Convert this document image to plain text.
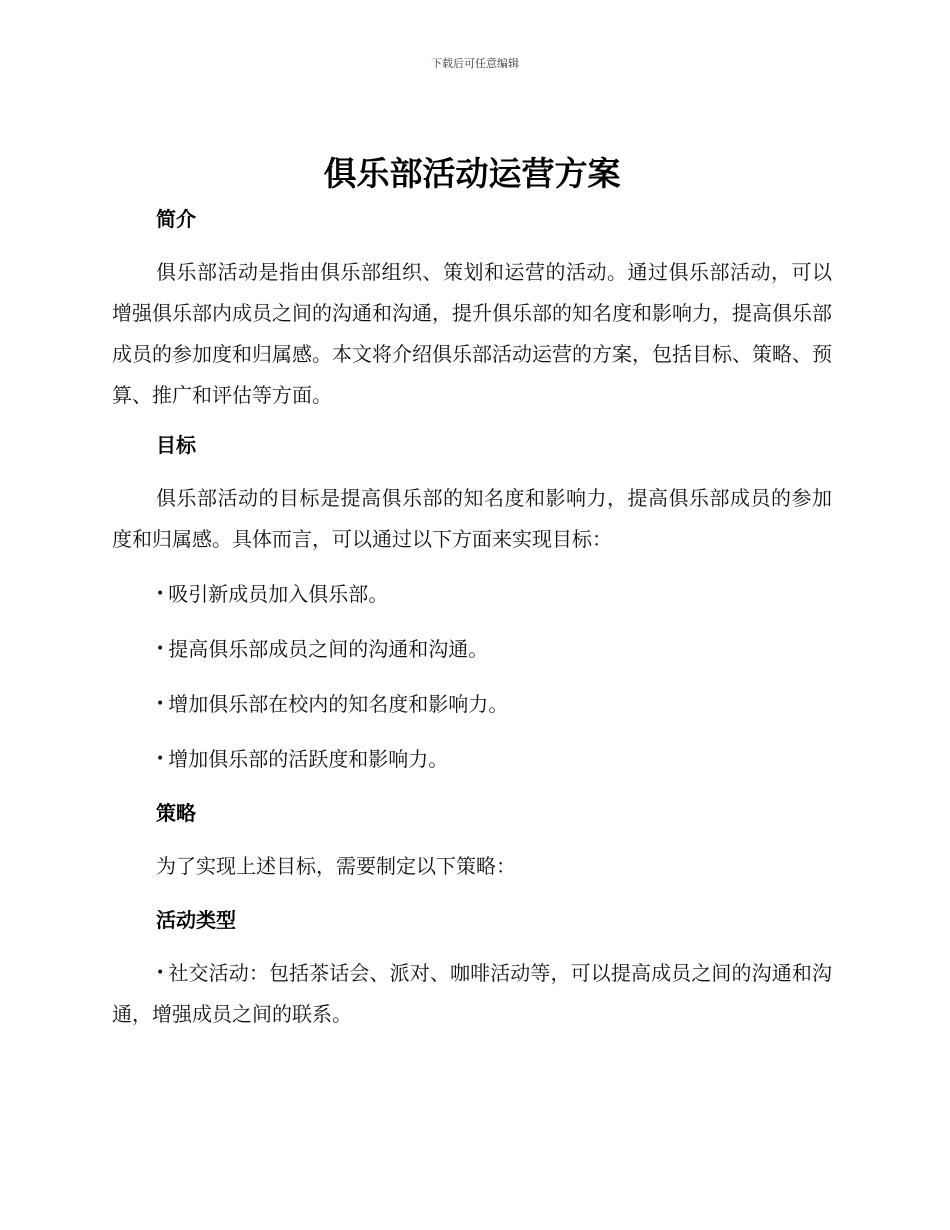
下载后可任意编辑
俱乐部活动运营方案
简介

俱乐部活动是指由俱乐部组织、策划和运营的活动。通过俱乐部活动，可以增强俱乐部内成员之间的沟通和沟通，提升俱乐部的知名度和影响力，提高俱乐部成员的参加度和归属感。本文将介绍俱乐部活动运营的方案，包括目标、策略、预算、推广和评估等方面。

目标

俱乐部活动的目标是提高俱乐部的知名度和影响力，提高俱乐部成员的参加度和归属感。具体而言，可以通过以下方面来实现目标：

• 吸引新成员加入俱乐部。

• 提高俱乐部成员之间的沟通和沟通。

• 增加俱乐部在校内的知名度和影响力。

• 增加俱乐部的活跃度和影响力。

策略

为了实现上述目标，需要制定以下策略：

活动类型

• 社交活动：包括茶话会、派对、咖啡活动等，可以提高成员之间的沟通和沟通，增强成员之间的联系。
